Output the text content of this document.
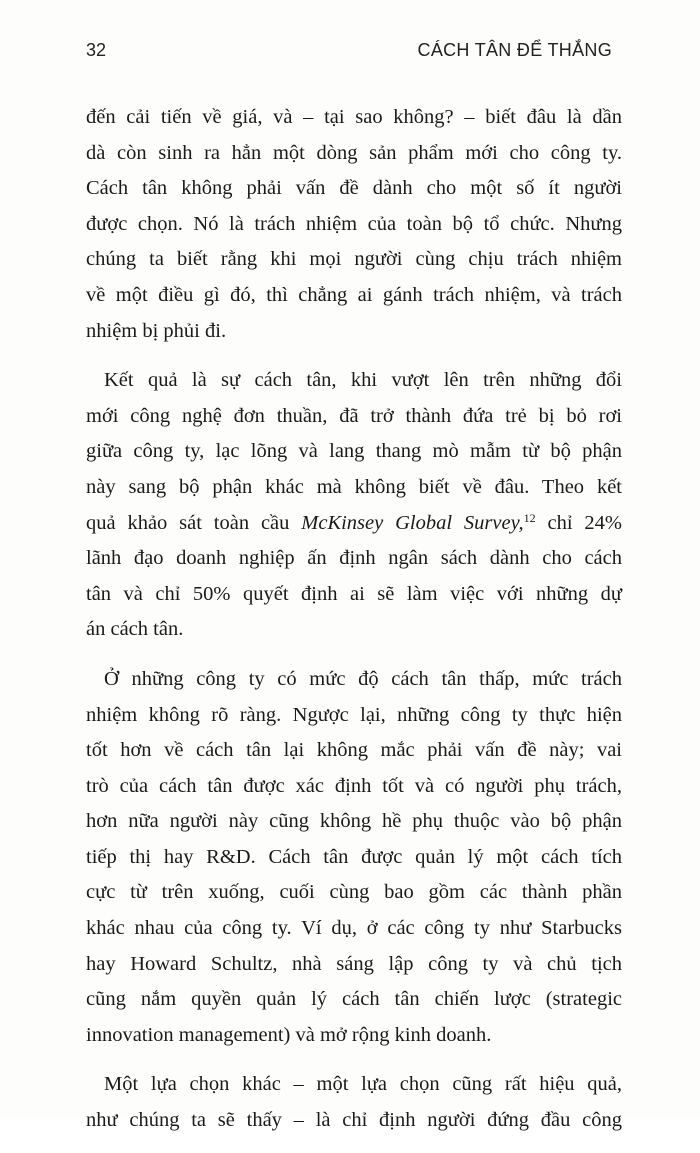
32	CÁCH TÂN ĐỂ THẮNG

đến cải tiến về giá, và – tại sao không? – biết đâu là dần
dà còn sinh ra hẳn một dòng sản phẩm mới cho công ty.
Cách tân không phải vấn đề dành cho một số ít người
được chọn. Nó là trách nhiệm của toàn bộ tổ chức. Nhưng
chúng ta biết rằng khi mọi người cùng chịu trách nhiệm
về một điều gì đó, thì chẳng ai gánh trách nhiệm, và trách
nhiệm bị phủi đi.

Kết quả là sự cách tân, khi vượt lên trên những đổi
mới công nghệ đơn thuần, đã trở thành đứa trẻ bị bỏ rơi
giữa công ty, lạc lõng và lang thang mò mẫm từ bộ phận
này sang bộ phận khác mà không biết về đâu. Theo kết
quả khảo sát toàn cầu McKinsey Global Survey,$^{12}$ chỉ 24%
lãnh đạo doanh nghiệp ấn định ngân sách dành cho cách
tân và chỉ 50% quyết định ai sẽ làm việc với những dự
án cách tân.

Ở những công ty có mức độ cách tân thấp, mức trách
nhiệm không rõ ràng. Ngược lại, những công ty thực hiện
tốt hơn về cách tân lại không mắc phải vấn đề này; vai
trò của cách tân được xác định tốt và có người phụ trách,
hơn nữa người này cũng không hề phụ thuộc vào bộ phận
tiếp thị hay R&D. Cách tân được quản lý một cách tích
cực từ trên xuống, cuối cùng bao gồm các thành phần
khác nhau của công ty. Ví dụ, ở các công ty như Starbucks
hay Howard Schultz, nhà sáng lập công ty và chủ tịch
cũng nắm quyền quản lý cách tân chiến lược (strategic
innovation management) và mở rộng kinh doanh.

Một lựa chọn khác – một lựa chọn cũng rất hiệu quả,
như chúng ta sẽ thấy – là chỉ định người đứng đầu công
